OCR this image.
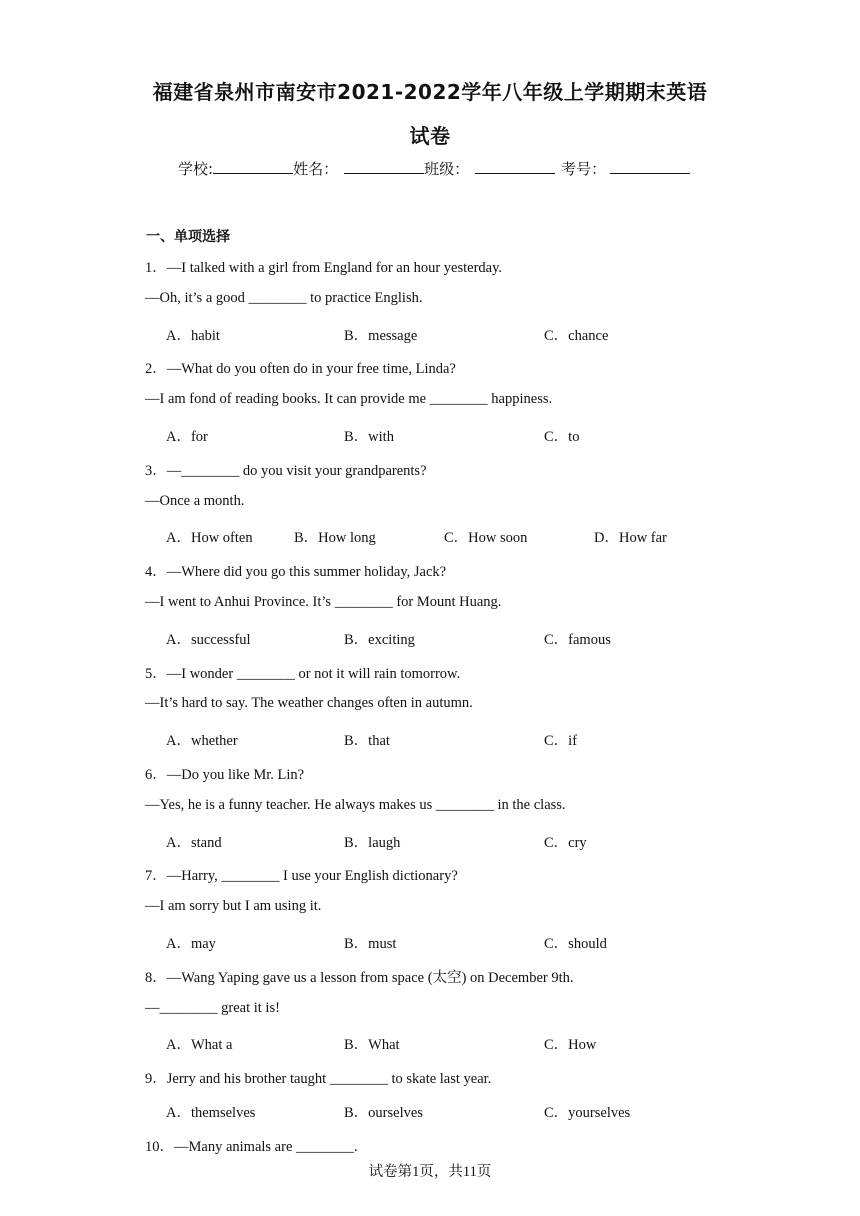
福建省泉州市南安市2021-2022学年八年级上学期期末英语
试卷
学校:	姓名：	班级：	考号：
一、单项选择
1．—I talked with a girl from England for an hour yesterday.
—Oh, it’s a good ________ to practice English.
A．habit	B．message	C．chance
2．—What do you often do in your free time, Linda?
—I am fond of reading books. It can provide me ________ happiness.
A．for	B．with	C．to
3．—________ do you visit your grandparents?
—Once a month.
A．How often	B．How long	C．How soon	D．How far
4．—Where did you go this summer holiday, Jack?
—I went to Anhui Province. It’s ________ for Mount Huang.
A．successful	B．exciting	C．famous
5．—I wonder ________ or not it will rain tomorrow.
—It’s hard to say. The weather changes often in autumn.
A．whether	B．that	C．if
6．—Do you like Mr. Lin?
—Yes, he is a funny teacher. He always makes us ________ in the class.
A．stand	B．laugh	C．cry
7．—Harry, ________ I use your English dictionary?
—I am sorry but I am using it.
A．may	B．must	C．should
8．—Wang Yaping gave us a lesson from space (太空) on December 9th.
—________ great it is!
A．What a	B．What	C．How
9．Jerry and his brother taught ________ to skate last year.
A．themselves	B．ourselves	C．yourselves
10．—Many animals are ________.
试卷第1页，共11页
